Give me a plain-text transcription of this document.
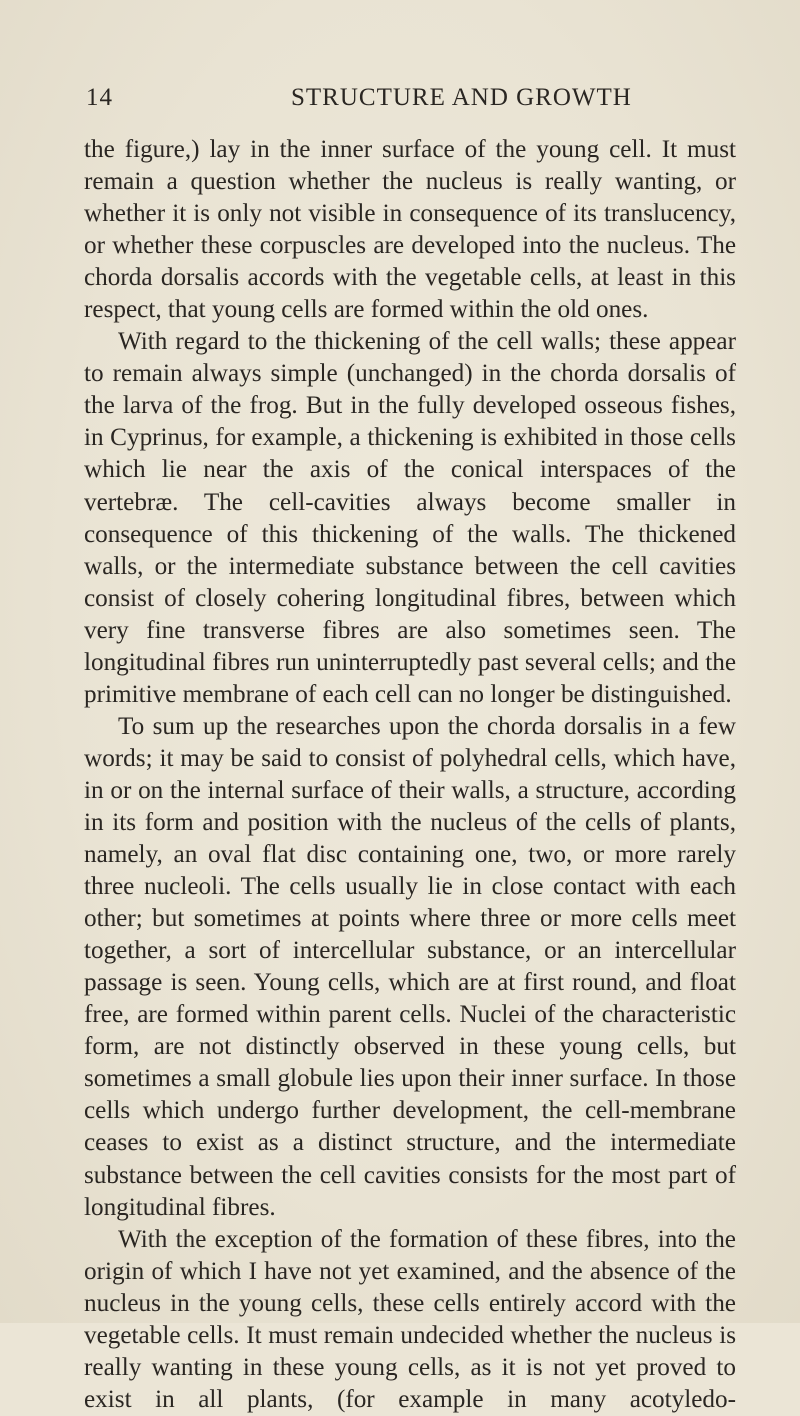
14	STRUCTURE AND GROWTH

the figure,) lay in the inner surface of the young cell. It must remain a question whether the nucleus is really wanting, or whether it is only not visible in consequence of its translucency, or whether these corpuscles are developed into the nucleus. The chorda dorsalis accords with the vegetable cells, at least in this respect, that young cells are formed within the old ones.

With regard to the thickening of the cell walls; these appear to remain always simple (unchanged) in the chorda dorsalis of the larva of the frog. But in the fully developed osseous fishes, in Cyprinus, for example, a thickening is exhibited in those cells which lie near the axis of the conical interspaces of the vertebræ. The cell-cavities always become smaller in consequence of this thickening of the walls. The thickened walls, or the intermediate substance between the cell cavities consist of closely cohering longitudinal fibres, between which very fine transverse fibres are also sometimes seen. The longitudinal fibres run uninterruptedly past several cells; and the primitive membrane of each cell can no longer be distinguished.

To sum up the researches upon the chorda dorsalis in a few words; it may be said to consist of polyhedral cells, which have, in or on the internal surface of their walls, a structure, according in its form and position with the nucleus of the cells of plants, namely, an oval flat disc containing one, two, or more rarely three nucleoli. The cells usually lie in close contact with each other; but sometimes at points where three or more cells meet together, a sort of intercellular substance, or an intercellular passage is seen. Young cells, which are at first round, and float free, are formed within parent cells. Nuclei of the characteristic form, are not distinctly observed in these young cells, but sometimes a small globule lies upon their inner surface. In those cells which undergo further development, the cell-membrane ceases to exist as a distinct structure, and the intermediate substance between the cell cavities consists for the most part of longitudinal fibres.

With the exception of the formation of these fibres, into the origin of which I have not yet examined, and the absence of the nucleus in the young cells, these cells entirely accord with the vegetable cells. It must remain undecided whether the nucleus is really wanting in these young cells, as it is not yet proved to exist in all plants, (for example in many acotyledo-
